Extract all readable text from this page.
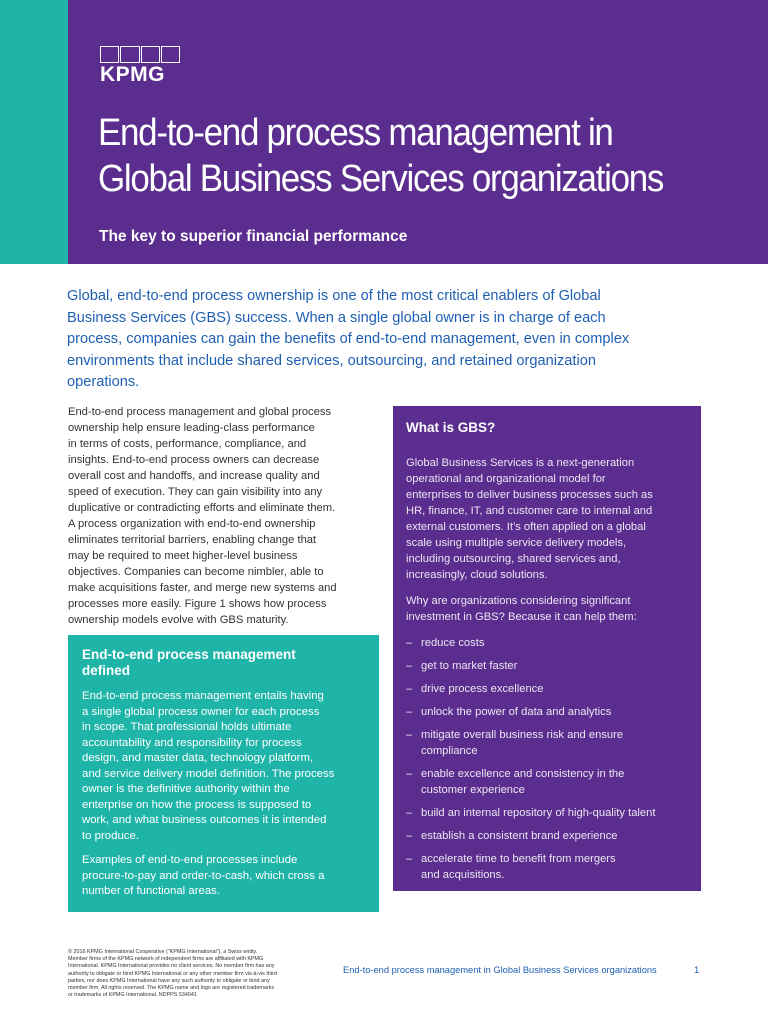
KPMG
End-to-end process management in
Global Business Services organizations
The key to superior financial performance
Global, end-to-end process ownership is one of the most critical enablers of Global
Business Services (GBS) success. When a single global owner is in charge of each
process, companies can gain the benefits of end-to-end management, even in complex
environments that include shared services, outsourcing, and retained organization
operations.
End-to-end process management and global process
ownership help ensure leading-class performance
in terms of costs, performance, compliance, and
insights. End-to-end process owners can decrease
overall cost and handoffs, and increase quality and
speed of execution. They can gain visibility into any
duplicative or contradicting efforts and eliminate them.
A process organization with end-to-end ownership
eliminates territorial barriers, enabling change that
may be required to meet higher-level business
objectives. Companies can become nimbler, able to
make acquisitions faster, and merge new systems and
processes more easily. Figure 1 shows how process
ownership models evolve with GBS maturity.
End-to-end process management
defined

End-to-end process management entails having
a single global process owner for each process
in scope. That professional holds ultimate
accountability and responsibility for process
design, and master data, technology platform,
and service delivery model definition. The process
owner is the definitive authority within the
enterprise on how the process is supposed to
work, and what business outcomes it is intended
to produce.

Examples of end-to-end processes include
procure-to-pay and order-to-cash, which cross a
number of functional areas.

What is GBS?

Global Business Services is a next-generation
operational and organizational model for
enterprises to deliver business processes such as
HR, finance, IT, and customer care to internal and
external customers. It’s often applied on a global
scale using multiple service delivery models,
including outsourcing, shared services and,
increasingly, cloud solutions.

Why are organizations considering significant
investment in GBS? Because it can help them:

– reduce costs
– get to market faster
– drive process excellence
– unlock the power of data and analytics
– mitigate overall business risk and ensure
compliance
– enable excellence and consistency in the
customer experience
– build an internal repository of high-quality talent
– establish a consistent brand experience
– accelerate time to benefit from mergers
and acquisitions.
© 2016 KPMG International Cooperative (“KPMG International”), a Swiss entity.
Member firms of the KPMG network of independent firms are affiliated with KPMG
International. KPMG International provides no client services. No member firm has any
authority to obligate or bind KPMG International or any other member firm vis-à-vis third
parties, nor does KPMG International have any such authority to obligate or bind any
member firm. All rights reserved. The KPMG name and logo are registered trademarks
or trademarks of KPMG International. NDPPS 534041
End-to-end process management in Global Business Services organizations	1
